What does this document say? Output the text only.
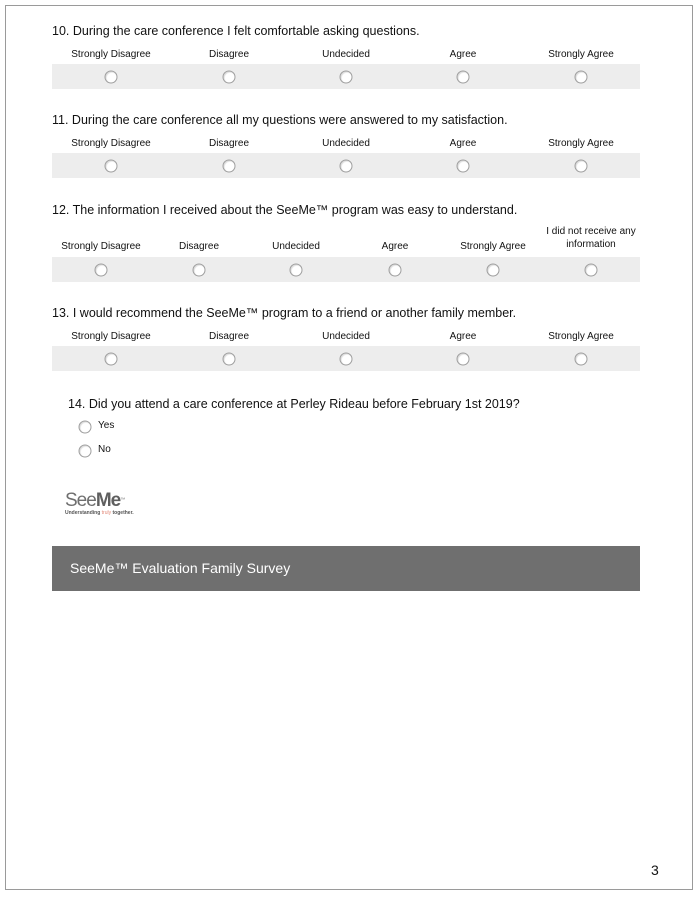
10. During the care conference I felt comfortable asking questions.

Strongly Disagree	Disagree	Undecided	Agree	Strongly Agree

11. During the care conference all my questions were answered to my satisfaction.

Strongly Disagree	Disagree	Undecided	Agree	Strongly Agree

12. The information I received about the SeeMe™ program was easy to understand.

Strongly Disagree	Disagree	Undecided	Agree	Strongly Agree
I did not receive any information

13. I would recommend the SeeMe™ program to a friend or another family member.

Strongly Disagree	Disagree	Undecided	Agree	Strongly Agree

14. Did you attend a care conference at Perley Rideau before February 1st 2019?

Yes
No
SeeMe™
Understanding truly together.
SeeMe™ Evaluation Family Survey
3
